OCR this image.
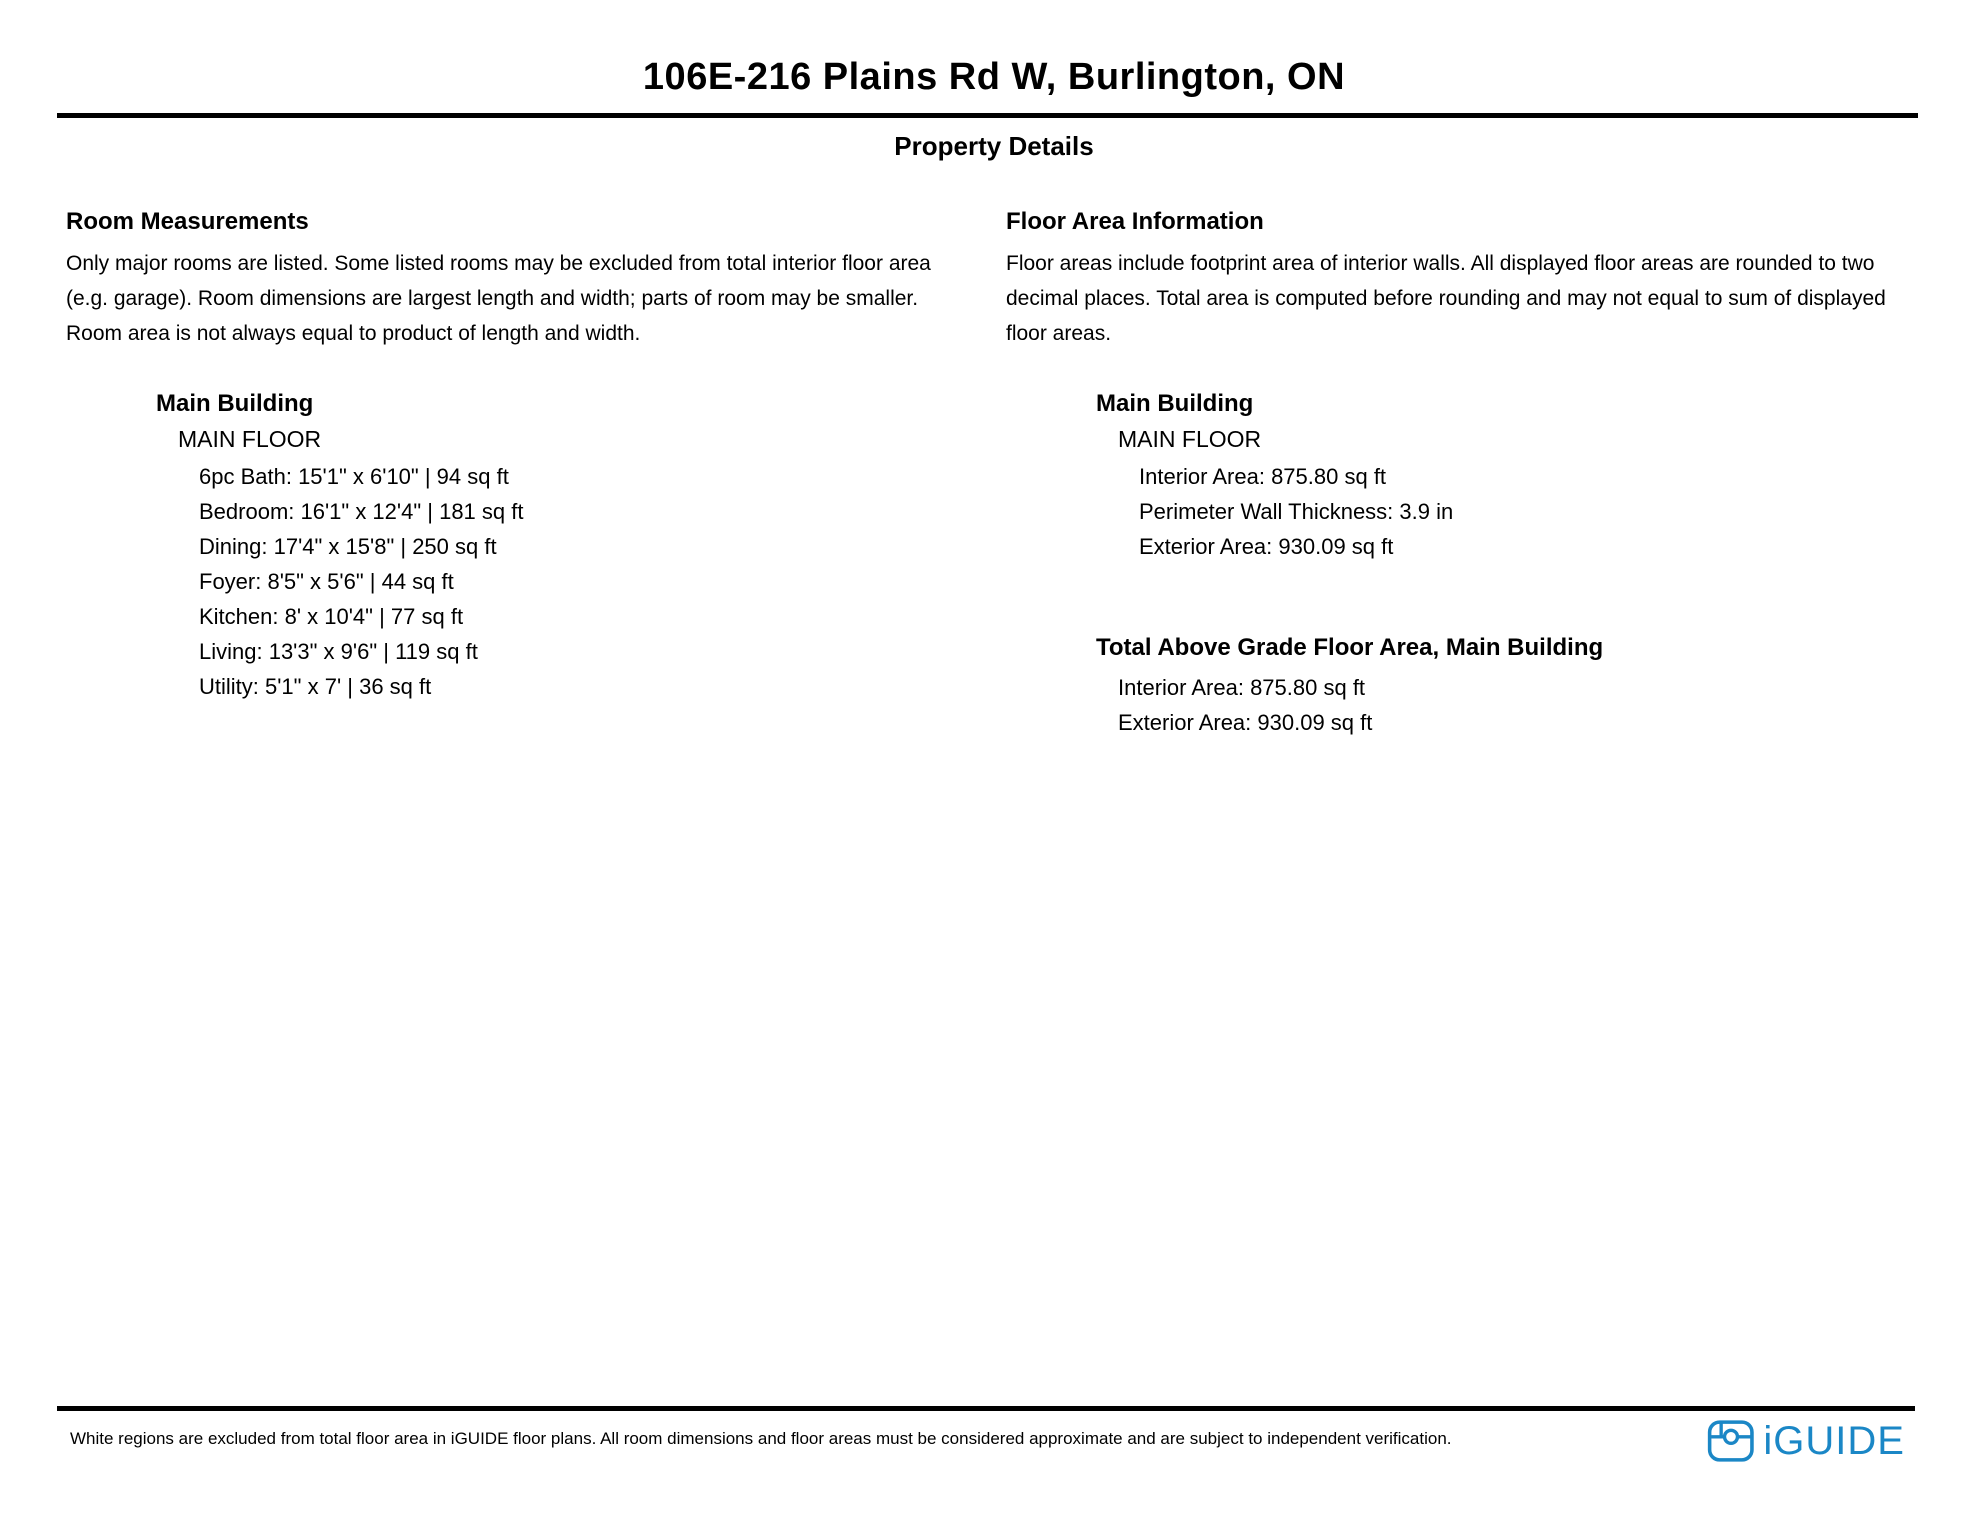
106E-216 Plains Rd W, Burlington, ON
Property Details
Room Measurements
Only major rooms are listed. Some listed rooms may be excluded from total interior floor area (e.g. garage). Room dimensions are largest length and width; parts of room may be smaller. Room area is not always equal to product of length and width.
Main Building
MAIN FLOOR
6pc Bath: 15'1" x 6'10" | 94 sq ft
Bedroom: 16'1" x 12'4" | 181 sq ft
Dining: 17'4" x 15'8" | 250 sq ft
Foyer: 8'5" x 5'6" | 44 sq ft
Kitchen: 8' x 10'4" | 77 sq ft
Living: 13'3" x 9'6" | 119 sq ft
Utility: 5'1" x 7' | 36 sq ft
Floor Area Information
Floor areas include footprint area of interior walls. All displayed floor areas are rounded to two decimal places. Total area is computed before rounding and may not equal to sum of displayed floor areas.
Main Building
MAIN FLOOR
Interior Area: 875.80 sq ft
Perimeter Wall Thickness: 3.9 in
Exterior Area: 930.09 sq ft
Total Above Grade Floor Area, Main Building
Interior Area: 875.80 sq ft
Exterior Area: 930.09 sq ft
White regions are excluded from total floor area in iGUIDE floor plans. All room dimensions and floor areas must be considered approximate and are subject to independent verification.	iGUIDE
